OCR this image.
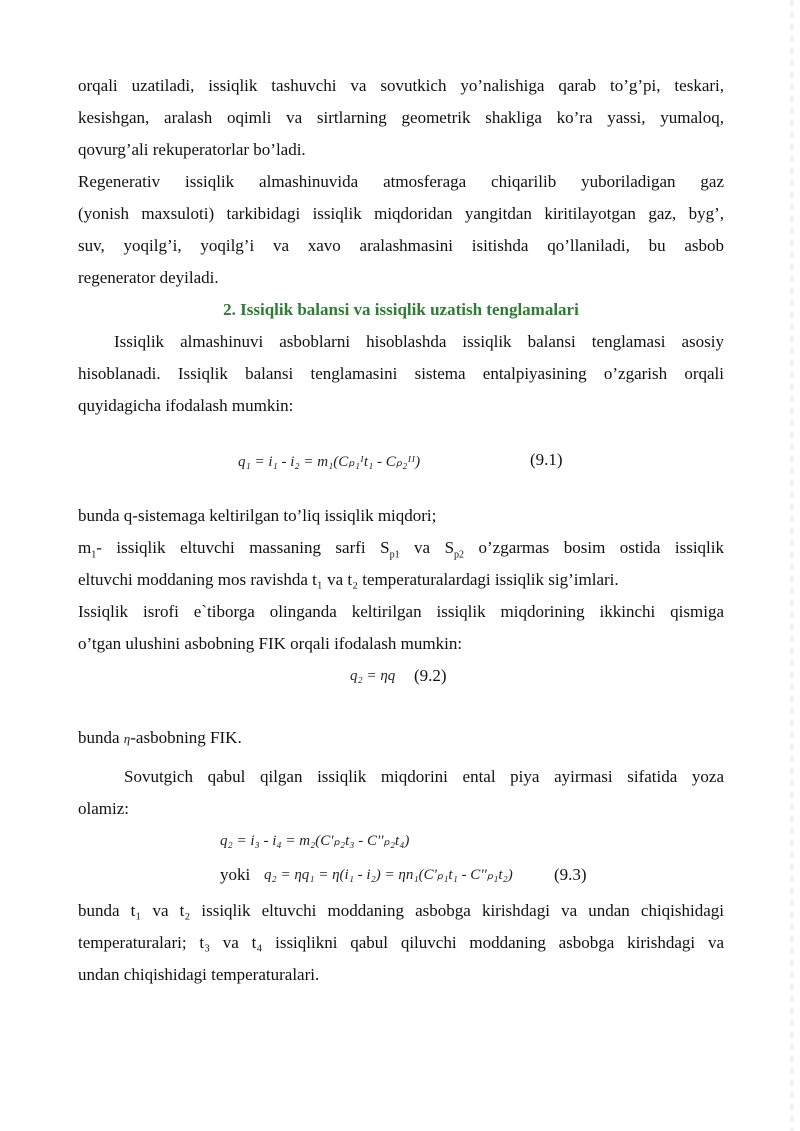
orqali uzatiladi, issiqlik tashuvchi va sovutkich yo’nalishiga qarab to’g’pi, teskari,

kesishgan, aralash oqimli va sirtlarning geometrik shakliga ko’ra yassi, yumaloq,

qovurg’ali rekuperatorlar bo’ladi.

Regenerativ issiqlik almashinuvida atmosferaga chiqarilib yuboriladigan gaz

(yonish maxsuloti) tarkibidagi issiqlik miqdoridan yangitdan kiritilayotgan gaz, byg’,

suv, yoqilg’i, yoqilg’i va xavo aralashmasini isitishda qo’llaniladi, bu asbob

regenerator deyiladi.

2. Issiqlik balansi va issiqlik uzatish tenglamalari

Issiqlik almashinuvi asboblarni hisoblashda issiqlik balansi tenglamasi asosiy

hisoblanadi. Issiqlik balansi tenglamasini sistema entalpiyasining o’zgarish orqali

quyidagicha ifodalash mumkin:

q₁ = i₁ - i₂ = m₁(Cₚ₁ᴵt₁ - Cₚ₂ᴵᴵ)	(9.1)

bunda q-sistemaga keltirilgan to’liq issiqlik miqdori;

$m_1-$ issiqlik eltuvchi massaning sarfi $S_{p1}$ va $S_{p2}$ o’zgarmas bosim ostida issiqlik

eltuvchi moddaning mos ravishda t₁ va t₂ temperaturalardagi issiqlik sig’imlari.

Issiqlik isrofi e`tiborga olinganda keltirilgan issiqlik miqdorining ikkinchi qismiga

o’tgan ulushini asbobning FIK orqali ifodalash mumkin:

q₂ = ηq (9.2)

bunda η-asbobning FIK.

Sovutgich qabul qilgan issiqlik miqdorini ental piya ayirmasi sifatida yoza

olamiz:

q₂ = i₃ - i₄ = m₂(C'ₚ₂t₃ - C''ₚ₂t₄)
yoki q₂ = ηq₁ = η(i₁ - i₂) = ηn₁(C'ₚ₁t₁ - C''ₚ₁t₂) (9.3)

bunda t₁ va t₂ issiqlik eltuvchi moddaning asbobga kirishdagi va undan chiqishidagi

temperaturalari; t₃ va t₄ issiqlikni qabul qiluvchi moddaning asbobga kirishdagi va

undan chiqishidagi temperaturalari.
